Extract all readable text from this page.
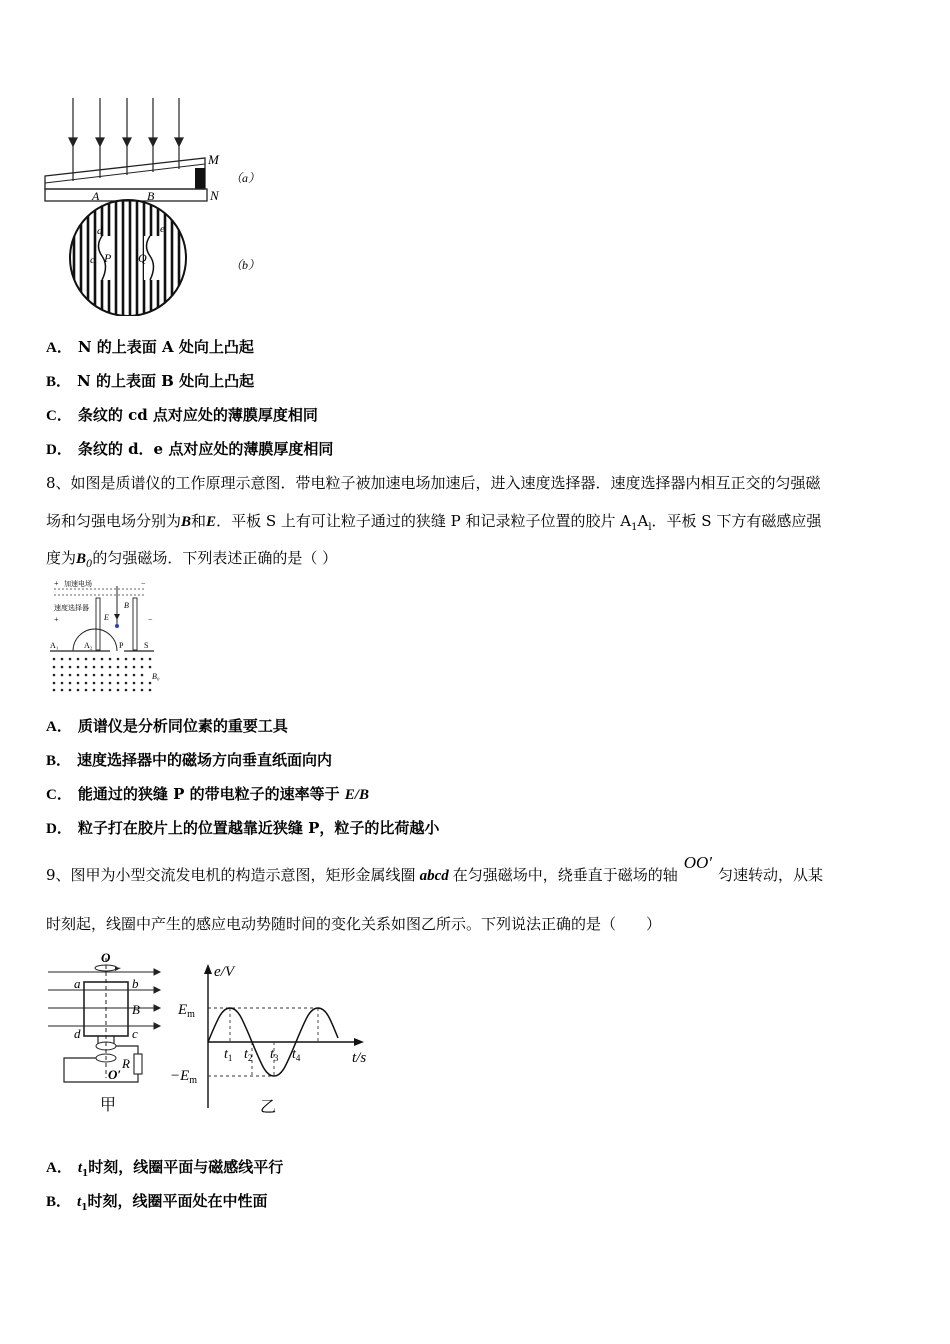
M
N
A	B
（a）
d
c
e
P Q	（b）
A． N 的上表面 A 处向上凸起
B． N 的上表面 B 处向上凸起
C． 条纹的 cd 点对应处的薄膜厚度相同
D． 条纹的 d．e 点对应处的薄膜厚度相同
8、如图是质谱仪的工作原理示意图．带电粒子被加速电场加速后，进入速度选择器．速度选择器内相互正交的匀强磁
场和匀强电场分别为B和E．平板 S 上有可让粒子通过的狭缝 P 和记录粒子位置的胶片 $A_1A_l$．平板 S 下方有磁感应强
度为$B_0$的匀强磁场．下列表述正确的是（ ）
加速电场
+	−
速度选择器
+	−
E
B
A₁	A₂	P	S
B₀
A． 质谱仪是分析同位素的重要工具
B． 速度选择器中的磁场方向垂直纸面向内
C． 能通过的狭缝 P 的带电粒子的速率等于 E/B
D． 粒子打在胶片上的位置越靠近狭缝 P，粒子的比荷越小
9、图甲为小型交流发电机的构造示意图，矩形金属线圈 abcd 在匀强磁场中，绕垂直于磁场的轴OO′匀速转动，从某
时刻起，线圈中产生的感应电动势随时间的变化关系如图乙所示。下列说法正确的是（　　）
O
a	b
B
d	c
R
O′
甲
e/V
$E_m$
$-E_m$
$t_1$ $t_2$ $t_3$ $t_4$	t/s
乙
A． $t_1$时刻，线圈平面与磁感线平行
B． $t_1$时刻，线圈平面处在中性面
